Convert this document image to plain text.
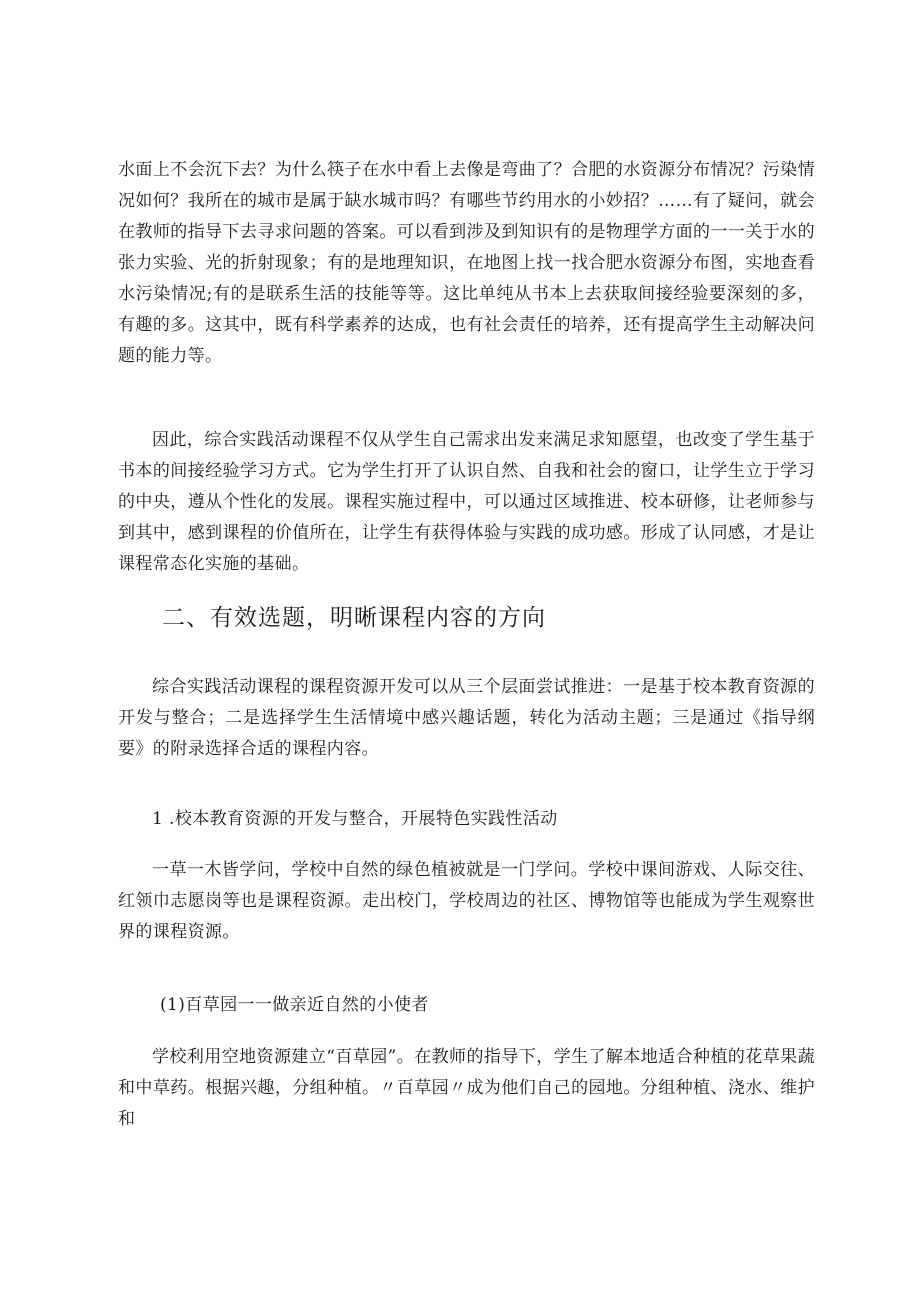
水面上不会沉下去？为什么筷子在水中看上去像是弯曲了？合肥的水资源分布情况？污染情况如何？我所在的城市是属于缺水城市吗？有哪些节约用水的小妙招？……有了疑问，就会在教师的指导下去寻求问题的答案。可以看到涉及到知识有的是物理学方面的一一关于水的张力实验、光的折射现象；有的是地理知识，在地图上找一找合肥水资源分布图，实地查看水污染情况;有的是联系生活的技能等等。这比单纯从书本上去获取间接经验要深刻的多，有趣的多。这其中，既有科学素养的达成，也有社会责任的培养，还有提高学生主动解决问题的能力等。

因此，综合实践活动课程不仅从学生自己需求出发来满足求知愿望，也改变了学生基于书本的间接经验学习方式。它为学生打开了认识自然、自我和社会的窗口，让学生立于学习的中央，遵从个性化的发展。课程实施过程中，可以通过区域推进、校本研修，让老师参与到其中，感到课程的价值所在，让学生有获得体验与实践的成功感。形成了认同感，才是让课程常态化实施的基础。

二、有效选题，明晰课程内容的方向

综合实践活动课程的课程资源开发可以从三个层面尝试推进：一是基于校本教育资源的开发与整合；二是选择学生生活情境中感兴趣话题，转化为活动主题；三是通过《指导纲要》的附录选择合适的课程内容。

1 .校本教育资源的开发与整合，开展特色实践性活动

一草一木皆学问，学校中自然的绿色植被就是一门学问。学校中课间游戏、人际交往、红领巾志愿岗等也是课程资源。走出校门，学校周边的社区、博物馆等也能成为学生观察世界的课程资源。

(1)百草园一一做亲近自然的小使者

学校利用空地资源建立“百草园”。在教师的指导下，学生了解本地适合种植的花草果蔬和中草药。根据兴趣，分组种植。〃百草园〃成为他们自己的园地。分组种植、浇水、维护和
